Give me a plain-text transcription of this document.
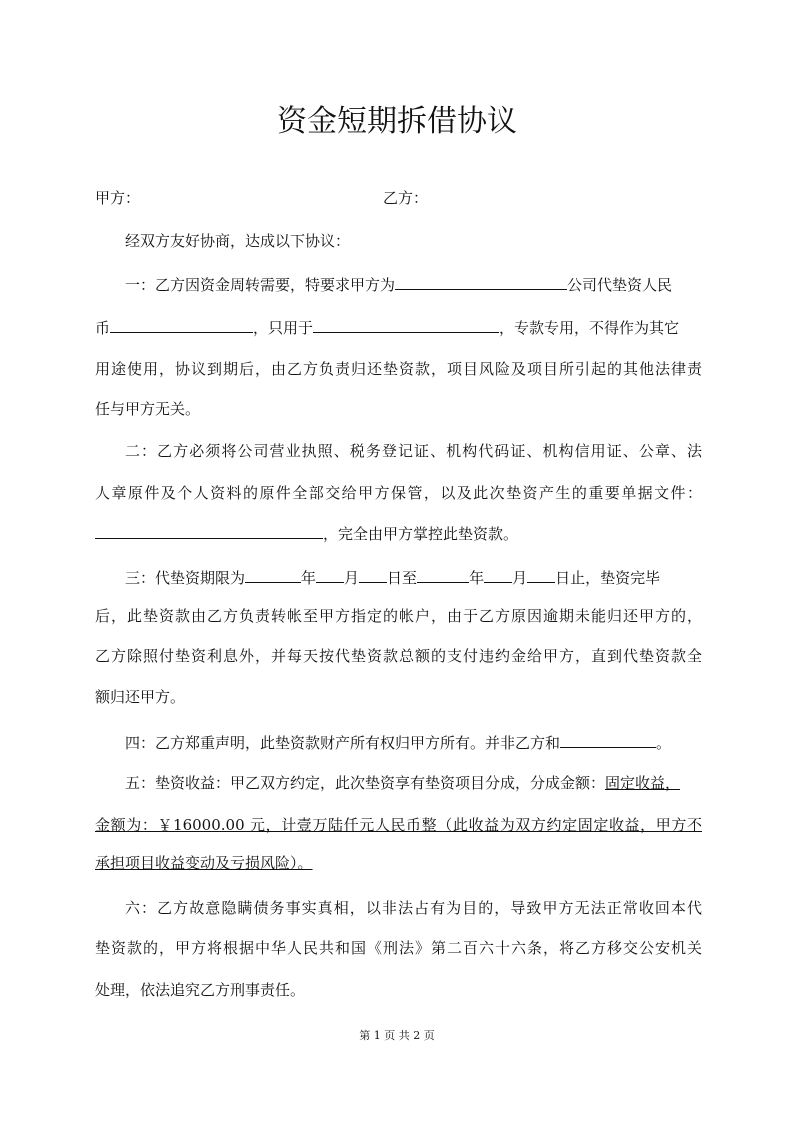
资金短期拆借协议
甲方：	乙方：
经双方友好协商，达成以下协议：
一：乙方因资金周转需要，特要求甲方为	公司代垫资人民
币	，只用于	，专款专用，不得作为其它
用途使用，协议到期后，由乙方负责归还垫资款，项目风险及项目所引起的其他法律责
任与甲方无关。
二：乙方必须将公司营业执照、税务登记证、机构代码证、机构信用证、公章、法
人章原件及个人资料的原件全部交给甲方保管，以及此次垫资产生的重要单据文件：
，完全由甲方掌控此垫资款。
三：代垫资期限为	年 月 日至	年 月 日止，垫资完毕
后，此垫资款由乙方负责转帐至甲方指定的帐户，由于乙方原因逾期未能归还甲方的，
乙方除照付垫资利息外，并每天按代垫资款总额的支付违约金给甲方，直到代垫资款全
额归还甲方。
四：乙方郑重声明，此垫资款财产所有权归甲方所有。并非乙方和	。
五：垫资收益：甲乙双方约定，此次垫资享有垫资项目分成，分成金额：固定收益，
金额为：￥16000.00 元，计壹万陆仟元人民币整（此收益为双方约定固定收益，甲方不
承担项目收益变动及亏损风险）。
六：乙方故意隐瞒债务事实真相，以非法占有为目的，导致甲方无法正常收回本代
垫资款的，甲方将根据中华人民共和国《刑法》第二百六十六条，将乙方移交公安机关
处理，依法追究乙方刑事责任。
第 1 页 共 2 页
